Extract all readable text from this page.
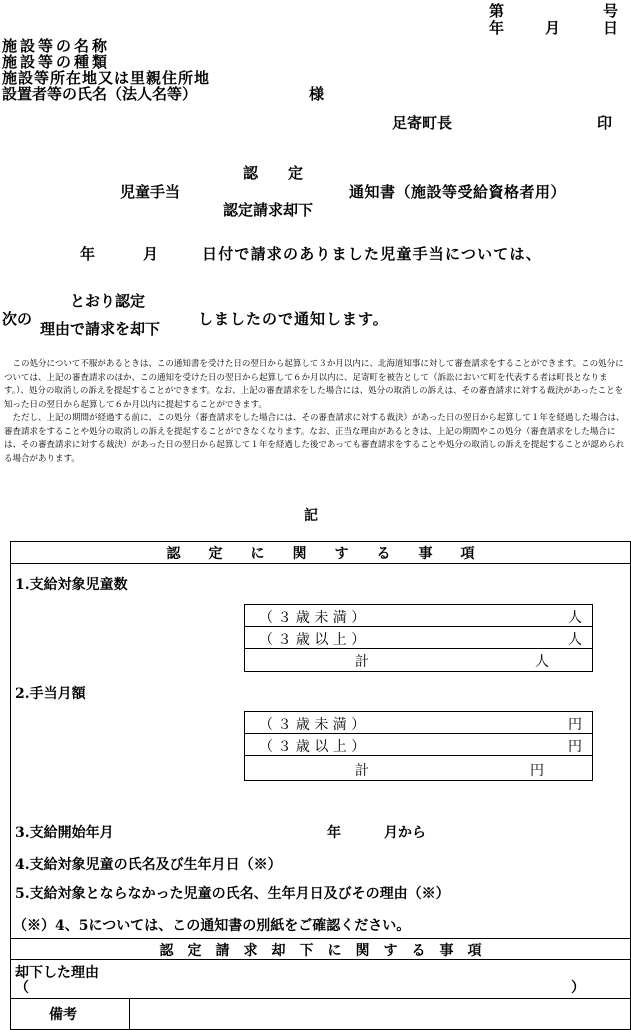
第	号
年	月	日
施設等の名称
施設等の種類
施設等所在地又は里親住所地
設置者等の氏名（法人名等）	様
足寄町長	印
認　　定
児童手当
認定請求却下
通知書（施設等受給資格者用）
年	月	日付で請求のありました児童手当については、
とおり認定
次の
理由で請求を却下
しましたので通知します。

この処分について不服があるときは、この通知書を受けた日の翌日から起算して３か月以内に、北海道知事に対して審査請求をすることができます。この処分については、上記の審査請求のほか、この通知を受けた日の翌日から起算して６か月以内に、足寄町を被告として（訴訟において町を代表する者は町長となります。）、処分の取消しの訴えを提起することができます。なお、上記の審査請求をした場合には、処分の取消しの訴えは、その審査請求に対する裁決があったことを知った日の翌日から起算して６か月以内に提起することができます。

ただし、上記の期間が経過する前に、この処分（審査請求をした場合には、その審査請求に対する裁決）があった日の翌日から起算して１年を経過した場合は、審査請求をすることや処分の取消しの訴えを提起することができなくなります。なお、正当な理由があるときは、上記の期間やこの処分（審査請求をした場合には、その審査請求に対する裁決）があった日の翌日から起算して１年を経過した後であっても審査請求をすることや処分の取消しの訴えを提起することが認められる場合があります。

記
認　　定　　に　　関　　す　　る　　事　　項
1.支給対象児童数
（ ３ 歳 未 満 ）	人
（ ３ 歳 以 上 ）	人
計	人
2.手当月額
（ ３ 歳 未 満 ）	円
（ ３ 歳 以 上 ）	円
計	円
3.支給開始年月	年	月から
4.支給対象児童の氏名及び生年月日（※）
5.支給対象とならなかった児童の氏名、生年月日及びその理由（※）
（※）4、5については、この通知書の別紙をご確認ください。
認　定　請　求　却　下　に　関　す　る　事　項
却下した理由
（	）
備考
